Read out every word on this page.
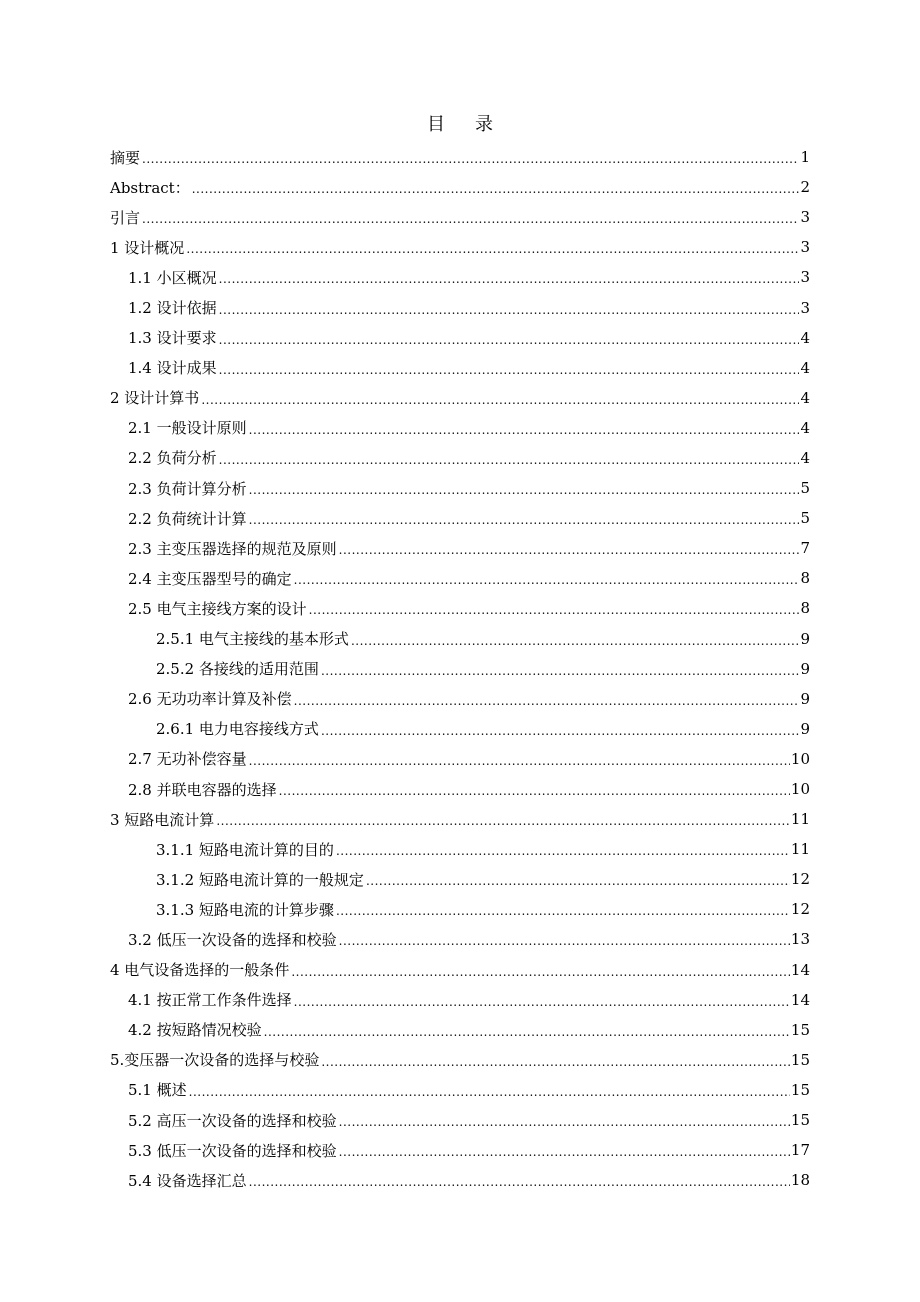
目 录
摘要 .....	1
Abstract： .....	2
引言 .....	3
1 设计概况 .....	3
1.1 小区概况 .....	3
1.2 设计依据 .....	3
1.3 设计要求 .....	4
1.4 设计成果 .....	4
2 设计计算书 .....	4
2.1 一般设计原则 .....	4
2.2 负荷分析 .....	4
2.3 负荷计算分析 .....	5
2.2 负荷统计计算 .....	5
2.3 主变压器选择的规范及原则 .....	7
2.4 主变压器型号的确定 .....	8
2.5 电气主接线方案的设计 .....	8
2.5.1 电气主接线的基本形式 .....	9
2.5.2 各接线的适用范围 .....	9
2.6 无功功率计算及补偿 .....	9
2.6.1 电力电容接线方式 .....	9
2.7 无功补偿容量 .....	10
2.8 并联电容器的选择 .....	10
3 短路电流计算 .....	11
3.1.1 短路电流计算的目的 .....	11
3.1.2 短路电流计算的一般规定 .....	12
3.1.3 短路电流的计算步骤 .....	12
3.2 低压一次设备的选择和校验 .....	13
4 电气设备选择的一般条件 .....	14
4.1 按正常工作条件选择 .....	14
4.2 按短路情况校验 .....	15
5.变压器一次设备的选择与校验 .....	15
5.1 概述 .....	15
5.2 高压一次设备的选择和校验 .....	15
5.3 低压一次设备的选择和校验 .....	17
5.4 设备选择汇总 .....	18
